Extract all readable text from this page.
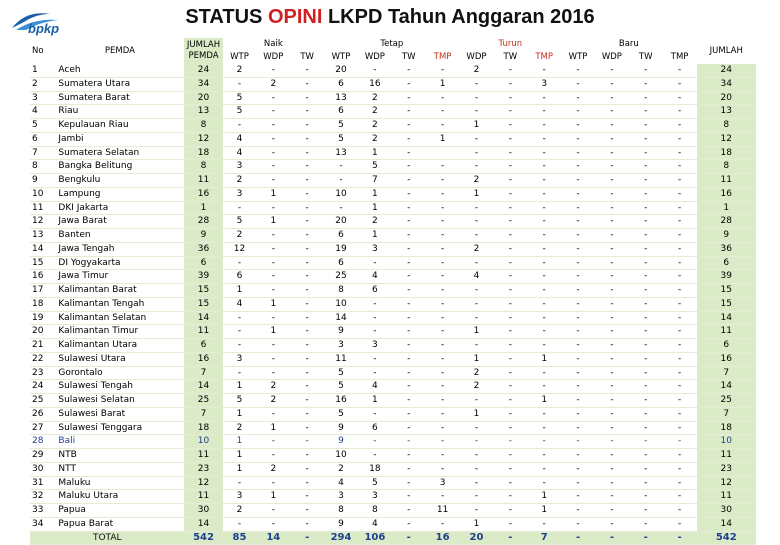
bpkp
STATUS OPINI LKPD Tahun Anggaran 2016
No	PEMDA	JUMLAH PEMDA	Naik			Tetap				Turun			Baru				JUMLAH
			WTP	WDP	TW	WTP	WDP	TW	TMP	WDP	TW	TMP	WTP	WDP	TW	TMP	
1	Aceh	24	2	-	-	20	-	-	-	2	-	-	-	-	-	-	24
2	Sumatera Utara	34	-	2	-	6	16	-	1	-	-	3	-	-	-	-	34
3	Sumatera Barat	20	5	-	-	13	2	-	-	-	-	-	-	-	-	-	20
4	Riau	13	5	-	-	6	2	-	-	-	-	-	-	-	-	-	13
5	Kepulauan Riau	8	-	-	-	5	2	-	-	1	-	-	-	-	-	-	8
6	Jambi	12	4	-	-	5	2	-	1	-	-	-	-	-	-	-	12
7	Sumatera Selatan	18	4	-	-	13	1	-		-	-	-	-	-	-	-	18
8	Bangka Belitung	8	3	-	-	-	5	-	-	-	-	-	-	-	-	-	8
9	Bengkulu	11	2	-	-	-	7	-	-	2	-	-	-	-	-	-	11
10	Lampung	16	3	1	-	10	1	-	-	1	-	-	-	-	-	-	16
11	DKI Jakarta	1	-	-	-	-	1	-	-	-	-	-	-	-	-	-	1
12	Jawa Barat	28	5	1	-	20	2	-	-	-	-	-	-	-	-	-	28
13	Banten	9	2	-	-	6	1	-	-	-	-	-	-	-	-	-	9
14	Jawa Tengah	36	12	-	-	19	3	-	-	2	-	-	-	-	-	-	36
15	DI Yogyakarta	6	-	-	-	6	-	-	-	-	-	-	-	-	-	-	6
16	Jawa Timur	39	6	-	-	25	4	-	-	4	-	-	-	-	-	-	39
17	Kalimantan Barat	15	1	-	-	8	6	-	-	-	-	-	-	-	-	-	15
18	Kalimantan Tengah	15	4	1	-	10	-	-	-	-	-	-	-	-	-	-	15
19	Kalimantan Selatan	14	-	-	-	14	-	-	-	-	-	-	-	-	-	-	14
20	Kalimantan Timur	11	-	1	-	9	-	-	-	1	-	-	-	-	-	-	11
21	Kalimantan Utara	6	-	-	-	3	3	-	-	-	-	-	-	-	-	-	6
22	Sulawesi Utara	16	3	-	-	11	-	-	-	1	-	1	-	-	-	-	16
23	Gorontalo	7	-	-	-	5	-	-	-	2	-	-	-	-	-	-	7
24	Sulawesi Tengah	14	1	2	-	5	4	-	-	2	-	-	-	-	-	-	14
25	Sulawesi Selatan	25	5	2	-	16	1	-	-	-	-	1	-	-	-	-	25
26	Sulawesi Barat	7	1	-	-	5	-	-	-	1	-	-	-	-	-	-	7
27	Sulawesi Tenggara	18	2	1	-	9	6	-	-	-	-	-	-	-	-	-	18
28	Bali	10	1	-	-	9	-	-	-	-	-	-	-	-	-	-	10
29	NTB	11	1	-	-	10	-	-	-	-	-	-	-	-	-	-	11
30	NTT	23	1	2	-	2	18	-	-	-	-	-	-	-	-	-	23
31	Maluku	12	-	-	-	4	5	-	3	-	-	-	-	-	-	-	12
32	Maluku Utara	11	3	1	-	3	3	-	-	-	-	1	-	-	-	-	11
33	Papua	30	2	-	-	8	8	-	11	-	-	1	-	-	-	-	30
34	Papua Barat	14	-	-	-	9	4	-	-	1	-	-	-	-	-	-	14
TOTAL		542	85	14	-	294	106	-	16	20	-	7	-	-	-	-	542
